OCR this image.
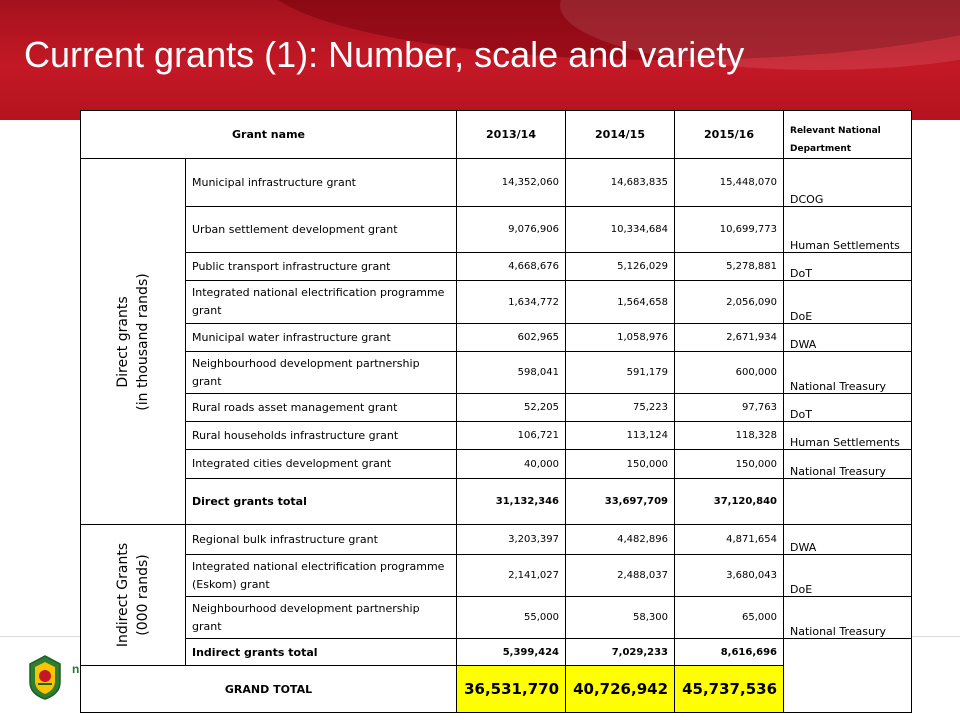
Current grants (1): Number, scale and variety
n
Grant name		2013/14	2014/15	2015/16	Relevant National Department

Direct grants (in thousand rands)	Municipal infrastructure grant	14,352,060	14,683,835	15,448,070	DCOG
	Urban settlement development grant	9,076,906	10,334,684	10,699,773	Human Settlements
	Public transport infrastructure grant	4,668,676	5,126,029	5,278,881	DoT
	Integrated national electrification programme grant	1,634,772	1,564,658	2,056,090	DoE
	Municipal water infrastructure grant	602,965	1,058,976	2,671,934	DWA
	Neighbourhood development partnership grant	598,041	591,179	600,000	National Treasury
	Rural roads asset management grant	52,205	75,223	97,763	DoT
	Rural households infrastructure grant	106,721	113,124	118,328	Human Settlements
	Integrated cities development grant	40,000	150,000	150,000	National Treasury
	Direct grants total	31,132,346	33,697,709	37,120,840	

Indirect Grants (000 rands)	Regional bulk infrastructure grant	3,203,397	4,482,896	4,871,654	DWA
	Integrated national electrification programme (Eskom) grant	2,141,027	2,488,037	3,680,043	DoE
	Neighbourhood development partnership grant	55,000	58,300	65,000	National Treasury
	Indirect grants total	5,399,424	7,029,233	8,616,696	
GRAND TOTAL		36,531,770	40,726,942	45,737,536	
